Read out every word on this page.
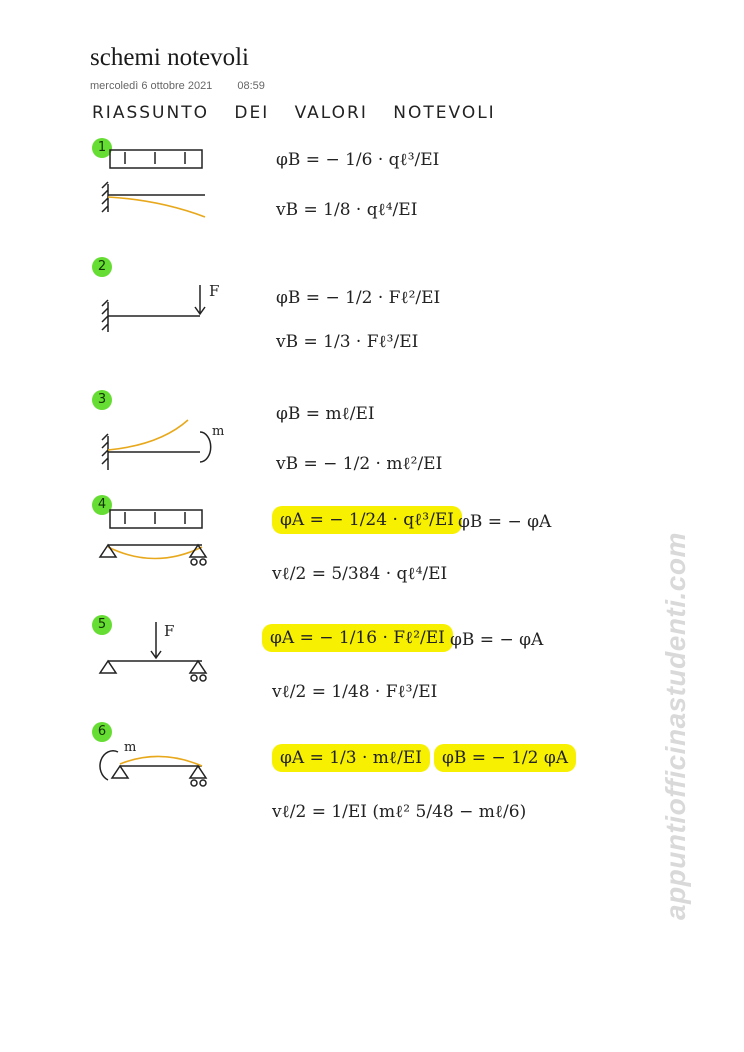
schemi notevoli
mercoledì 6 ottobre 2021 08:59
RIASSUNTO DEI VALORI NOTEVOLI
1
2
3
4
5
6
F
m
F
m
φB = − 1/6 · qℓ³/EI
vB = 1/8 · qℓ⁴/EI
φB = − 1/2 · Fℓ²/EI
vB = 1/3 · Fℓ³/EI
φB = mℓ/EI
vB = − 1/2 · mℓ²/EI
φA = − 1/24 · qℓ³/EI φB = − φA
vℓ/2 = 5/384 · qℓ⁴/EI
φA = − 1/16 · Fℓ²/EI φB = − φA
vℓ/2 = 1/48 · Fℓ³/EI
φA = 1/3 · mℓ/EI	φB = − 1/2 φA
vℓ/2 = 1/EI (mℓ² 5/48 − mℓ/6)	appuntiofficinastudenti.com
